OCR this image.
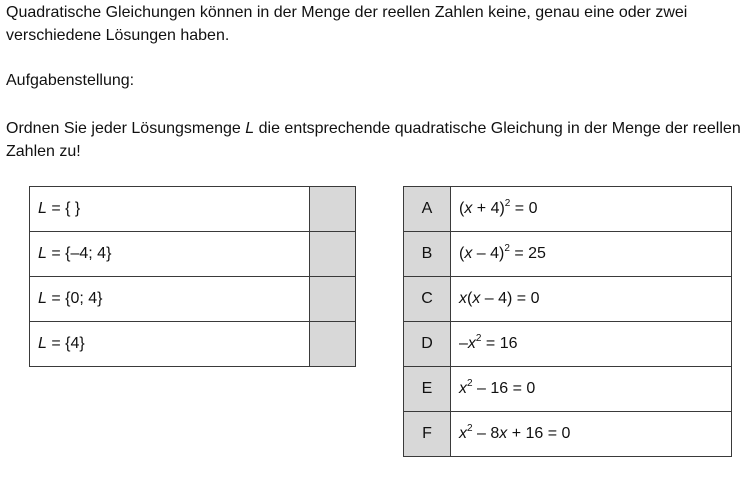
Quadratische Gleichungen können in der Menge der reellen Zahlen keine, genau eine oder zwei verschiedene Lösungen haben.

Aufgabenstellung:

Ordnen Sie jeder Lösungsmenge L die entsprechende quadratische Gleichung in der Menge der reellen Zahlen zu!

L = { }	
L = {–4; 4}	
L = {0; 4}	
L = {4}	
A	$(x + 4)^2 = 0$
B	(x – 4)$^2$ = 25
C	x(x – 4) = 0
D	$-x^2 = 16$
E	$x^2 - 16 = 0$
F	$x^2 - 8x + 16 = 0$
